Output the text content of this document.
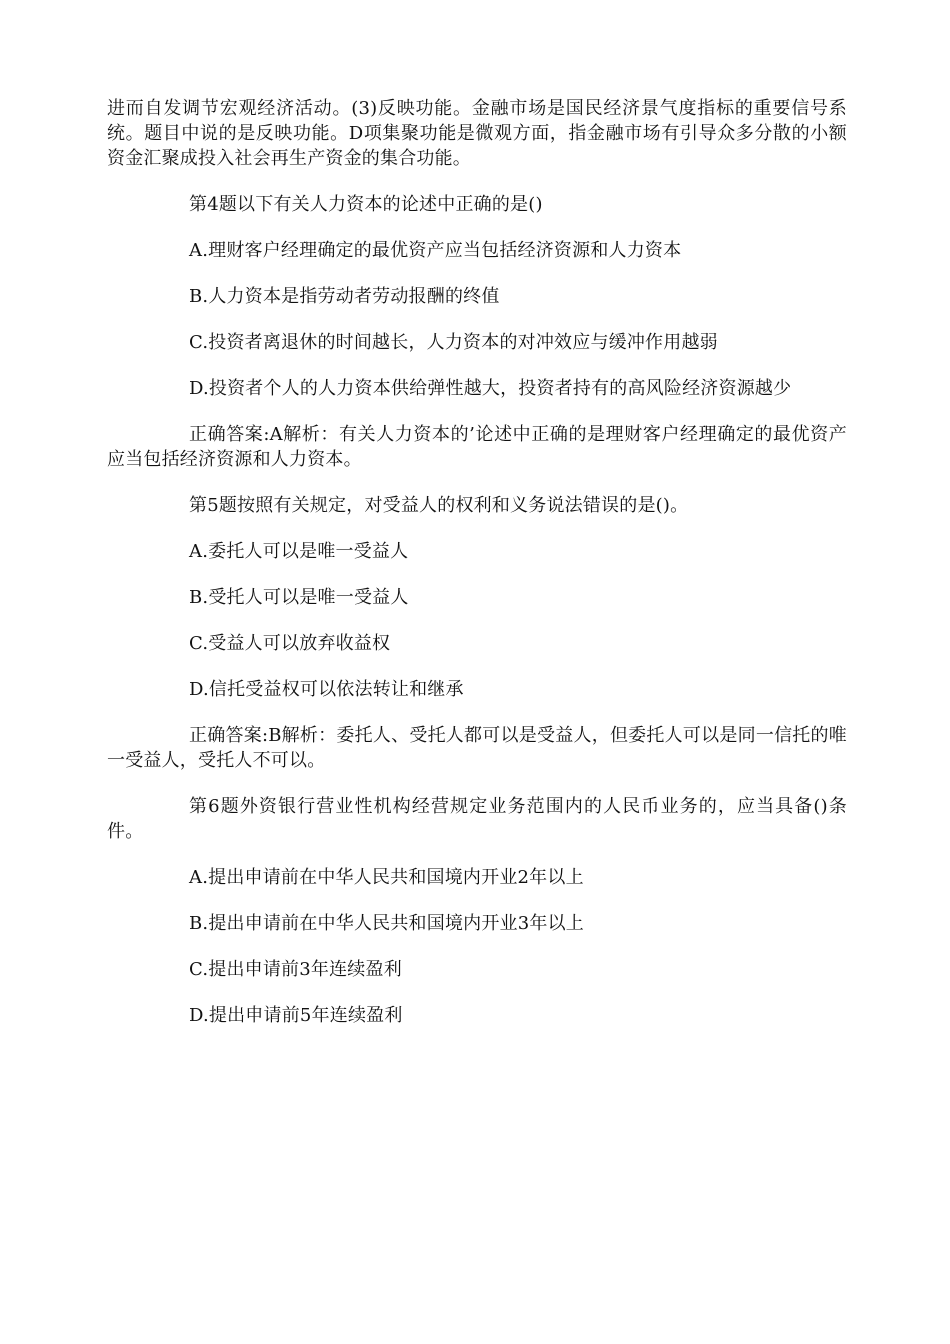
进而自发调节宏观经济活动。(3)反映功能。金融市场是国民经济景气度指标的重要信号系统。题目中说的是反映功能。D项集聚功能是微观方面，指金融市场有引导众多分散的小额资金汇聚成投入社会再生产资金的集合功能。

第4题以下有关人力资本的论述中正确的是()

A.理财客户经理确定的最优资产应当包括经济资源和人力资本

B.人力资本是指劳动者劳动报酬的终值

C.投资者离退休的时间越长，人力资本的对冲效应与缓冲作用越弱

D.投资者个人的人力资本供给弹性越大，投资者持有的高风险经济资源越少

正确答案:A解析：有关人力资本的’论述中正确的是理财客户经理确定的最优资产应当包括经济资源和人力资本。

第5题按照有关规定，对受益人的权利和义务说法错误的是()。

A.委托人可以是唯一受益人

B.受托人可以是唯一受益人

C.受益人可以放弃收益权

D.信托受益权可以依法转让和继承

正确答案:B解析：委托人、受托人都可以是受益人，但委托人可以是同一信托的唯一受益人，受托人不可以。

第6题外资银行营业性机构经营规定业务范围内的人民币业务的，应当具备()条件。

A.提出申请前在中华人民共和国境内开业2年以上

B.提出申请前在中华人民共和国境内开业3年以上

C.提出申请前3年连续盈利

D.提出申请前5年连续盈利
